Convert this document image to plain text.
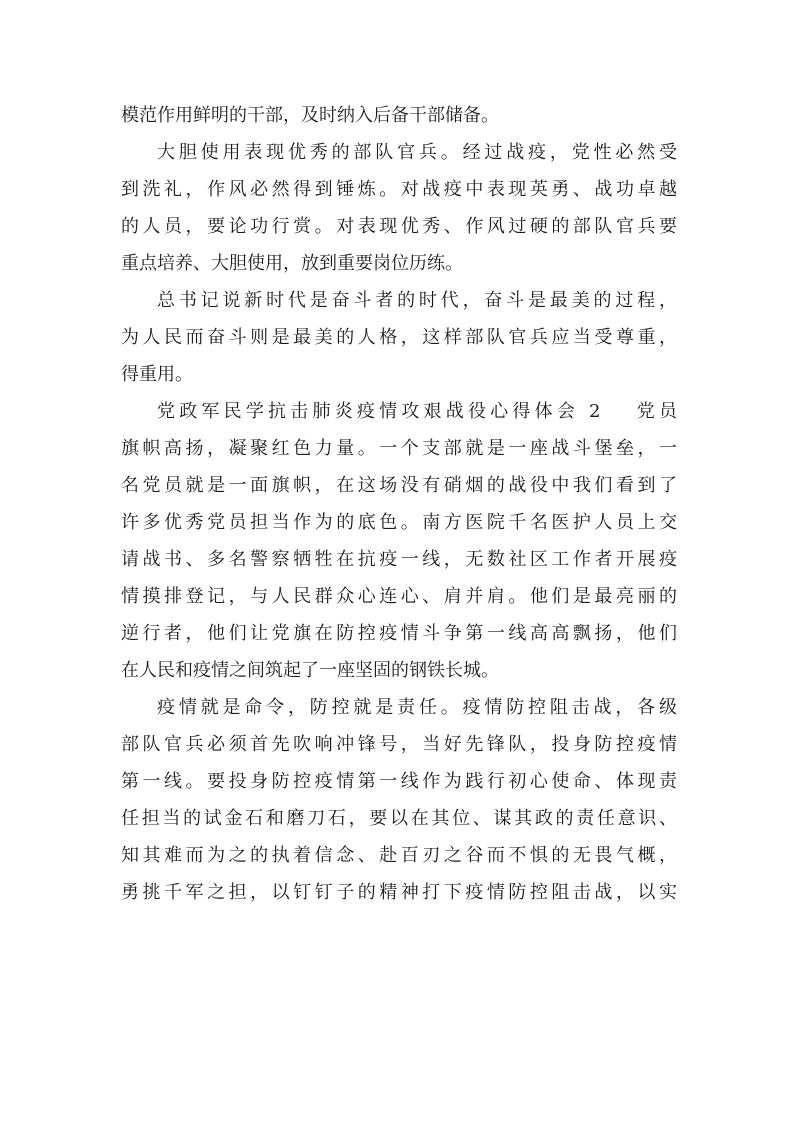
模范作用鲜明的干部，及时纳入后备干部储备。
大胆使用表现优秀的部队官兵。经过战疫，党性必然受
到洗礼，作风必然得到锤炼。对战疫中表现英勇、战功卓越
的人员，要论功行赏。对表现优秀、作风过硬的部队官兵要
重点培养、大胆使用，放到重要岗位历练。
总书记说新时代是奋斗者的时代，奋斗是最美的过程，
为人民而奋斗则是最美的人格，这样部队官兵应当受尊重，
得重用。
党政军民学抗击肺炎疫情攻艰战役心得体会 2　 党员
旗帜高扬，凝聚红色力量。一个支部就是一座战斗堡垒，一
名党员就是一面旗帜，在这场没有硝烟的战役中我们看到了
许多优秀党员担当作为的底色。南方医院千名医护人员上交
请战书、多名警察牺牲在抗疫一线，无数社区工作者开展疫
情摸排登记，与人民群众心连心、肩并肩。他们是最亮丽的
逆行者，他们让党旗在防控疫情斗争第一线高高飘扬，他们
在人民和疫情之间筑起了一座坚固的钢铁长城。
疫情就是命令，防控就是责任。疫情防控阻击战，各级
部队官兵必须首先吹响冲锋号，当好先锋队，投身防控疫情
第一线。要投身防控疫情第一线作为践行初心使命、体现责
任担当的试金石和磨刀石，要以在其位、谋其政的责任意识、
知其难而为之的执着信念、赴百刃之谷而不惧的无畏气概，
勇挑千军之担，以钉钉子的精神打下疫情防控阻击战，以实
